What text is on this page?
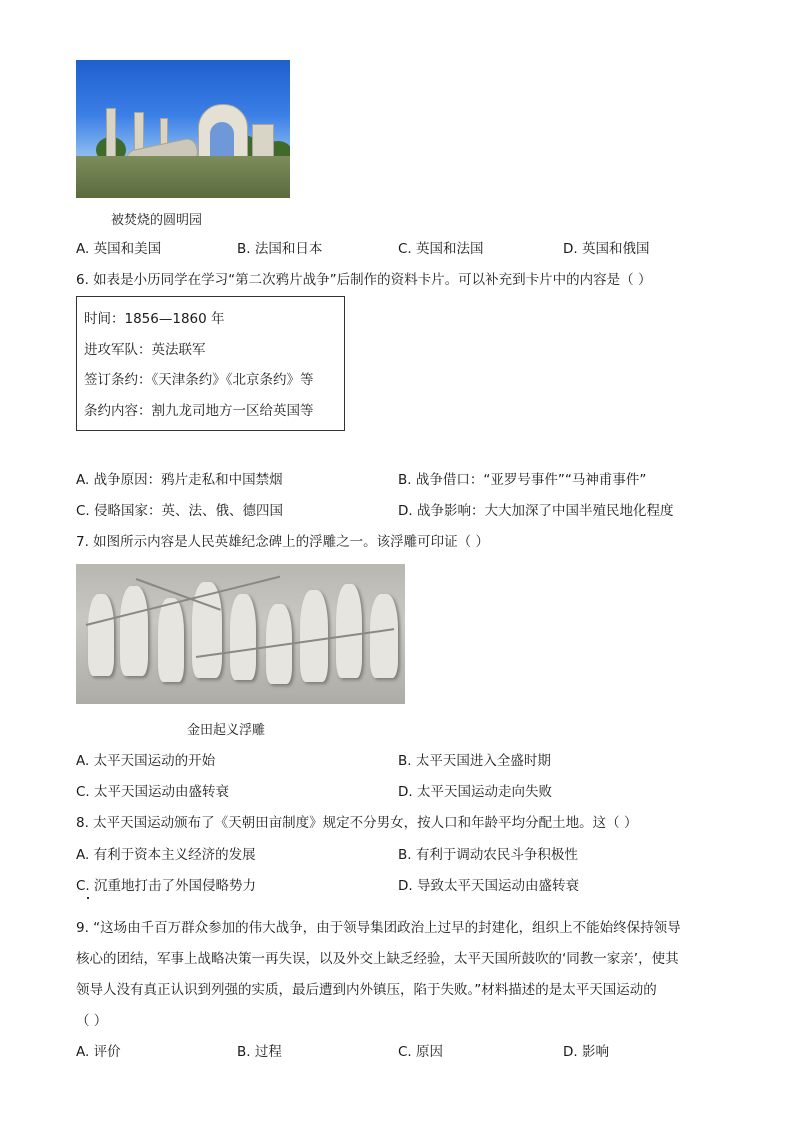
被焚烧的圆明园
A. 英国和美国	B. 法国和日本	C. 英国和法国	D. 英国和俄国
6. 如表是小历同学在学习“第二次鸦片战争”后制作的资料卡片。可以补充到卡片中的内容是（ ）
时间：1856—1860 年
进攻军队：英法联军
签订条约：《天津条约》《北京条约》等
条约内容：割九龙司地方一区给英国等
A. 战争原因：鸦片走私和中国禁烟	B. 战争借口：“亚罗号事件”“马神甫事件”
C. 侵略国家：英、法、俄、德四国	D. 战争影响：大大加深了中国半殖民地化程度
7. 如图所示内容是人民英雄纪念碑上的浮雕之一。该浮雕可印证（ ）
金田起义浮雕
A. 太平天国运动的开始	B. 太平天国进入全盛时期
C. 太平天国运动由盛转衰	D. 太平天国运动走向失败
8. 太平天国运动颁布了《天朝田亩制度》规定不分男女，按人口和年龄平均分配土地。这（ ）
A. 有利于资本主义经济的发展	B. 有利于调动农民斗争积极性
C. 沉重地打击了外国侵略势力	D. 导致太平天国运动由盛转衰
9. “这场由千百万群众参加的伟大战争，由于领导集团政治上过早的封建化，组织上不能始终保持领导
核心的团结，军事上战略决策一再失误，以及外交上缺乏经验，太平天国所鼓吹的‘同教一家亲’，使其
领导人没有真正认识到列强的实质，最后遭到内外镇压，陷于失败。”材料描述的是太平天国运动的
（ ）
A. 评价	B. 过程	C. 原因	D. 影响
